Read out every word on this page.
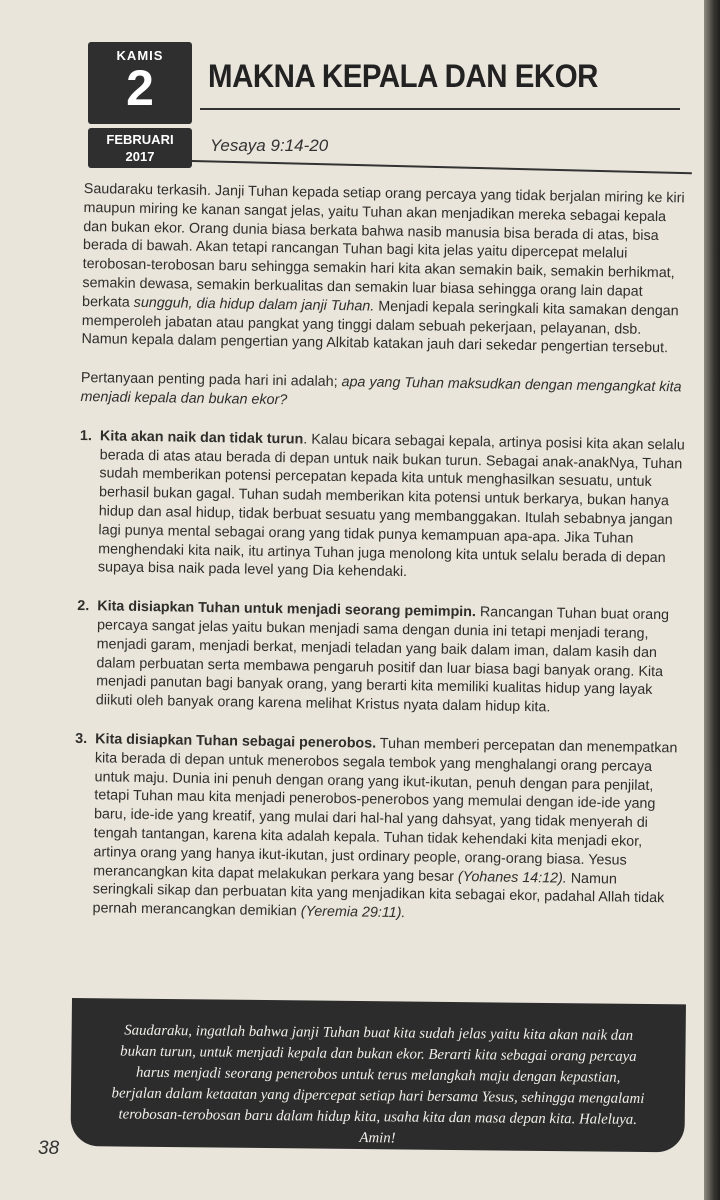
KAMIS
2
FEBRUARI
2017
MAKNA KEPALA DAN EKOR
Yesaya 9:14-20

Saudaraku terkasih. Janji Tuhan kepada setiap orang percaya yang tidak berjalan miring ke kiri maupun miring ke kanan sangat jelas, yaitu Tuhan akan menjadikan mereka sebagai kepala dan bukan ekor. Orang dunia biasa berkata bahwa nasib manusia bisa berada di atas, bisa berada di bawah. Akan tetapi rancangan Tuhan bagi kita jelas yaitu dipercepat melalui terobosan-terobosan baru sehingga semakin hari kita akan semakin baik, semakin berhikmat, semakin dewasa, semakin berkualitas dan semakin luar biasa sehingga orang lain dapat berkata sungguh, dia hidup dalam janji Tuhan. Menjadi kepala seringkali kita samakan dengan memperoleh jabatan atau pangkat yang tinggi dalam sebuah pekerjaan, pelayanan, dsb. Namun kepala dalam pengertian yang Alkitab katakan jauh dari sekedar pengertian tersebut.

Pertanyaan penting pada hari ini adalah; apa yang Tuhan maksudkan dengan mengangkat kita menjadi kepala dan bukan ekor?

1. Kita akan naik dan tidak turun. Kalau bicara sebagai kepala, artinya posisi kita akan selalu berada di atas atau berada di depan untuk naik bukan turun. Sebagai anak-anakNya, Tuhan sudah memberikan potensi percepatan kepada kita untuk menghasilkan sesuatu, untuk berhasil bukan gagal. Tuhan sudah memberikan kita potensi untuk berkarya, bukan hanya hidup dan asal hidup, tidak berbuat sesuatu yang membanggakan. Itulah sebabnya jangan lagi punya mental sebagai orang yang tidak punya kemampuan apa-apa. Jika Tuhan menghendaki kita naik, itu artinya Tuhan juga menolong kita untuk selalu berada di depan supaya bisa naik pada level yang Dia kehendaki.
2. Kita disiapkan Tuhan untuk menjadi seorang pemimpin. Rancangan Tuhan buat orang percaya sangat jelas yaitu bukan menjadi sama dengan dunia ini tetapi menjadi terang, menjadi garam, menjadi berkat, menjadi teladan yang baik dalam iman, dalam kasih dan dalam perbuatan serta membawa pengaruh positif dan luar biasa bagi banyak orang. Kita menjadi panutan bagi banyak orang, yang berarti kita memiliki kualitas hidup yang layak diikuti oleh banyak orang karena melihat Kristus nyata dalam hidup kita.
3. Kita disiapkan Tuhan sebagai penerobos. Tuhan memberi percepatan dan menempatkan kita berada di depan untuk menerobos segala tembok yang menghalangi orang percaya untuk maju. Dunia ini penuh dengan orang yang ikut-ikutan, penuh dengan para penjilat, tetapi Tuhan mau kita menjadi penerobos-penerobos yang memulai dengan ide-ide yang baru, ide-ide yang kreatif, yang mulai dari hal-hal yang dahsyat, yang tidak menyerah di tengah tantangan, karena kita adalah kepala. Tuhan tidak kehendaki kita menjadi ekor, artinya orang yang hanya ikut-ikutan, just ordinary people, orang-orang biasa. Yesus merancangkan kita dapat melakukan perkara yang besar (Yohanes 14:12). Namun seringkali sikap dan perbuatan kita yang menjadikan kita sebagai ekor, padahal Allah tidak pernah merancangkan demikian (Yeremia 29:11).
Saudaraku, ingatlah bahwa janji Tuhan buat kita sudah jelas yaitu kita akan naik dan bukan turun, untuk menjadi kepala dan bukan ekor. Berarti kita sebagai orang percaya harus menjadi seorang penerobos untuk terus melangkah maju dengan kepastian, berjalan dalam ketaatan yang dipercepat setiap hari bersama Yesus, sehingga mengalami terobosan-terobosan baru dalam hidup kita, usaha kita dan masa depan kita. Haleluya. Amin!
38
